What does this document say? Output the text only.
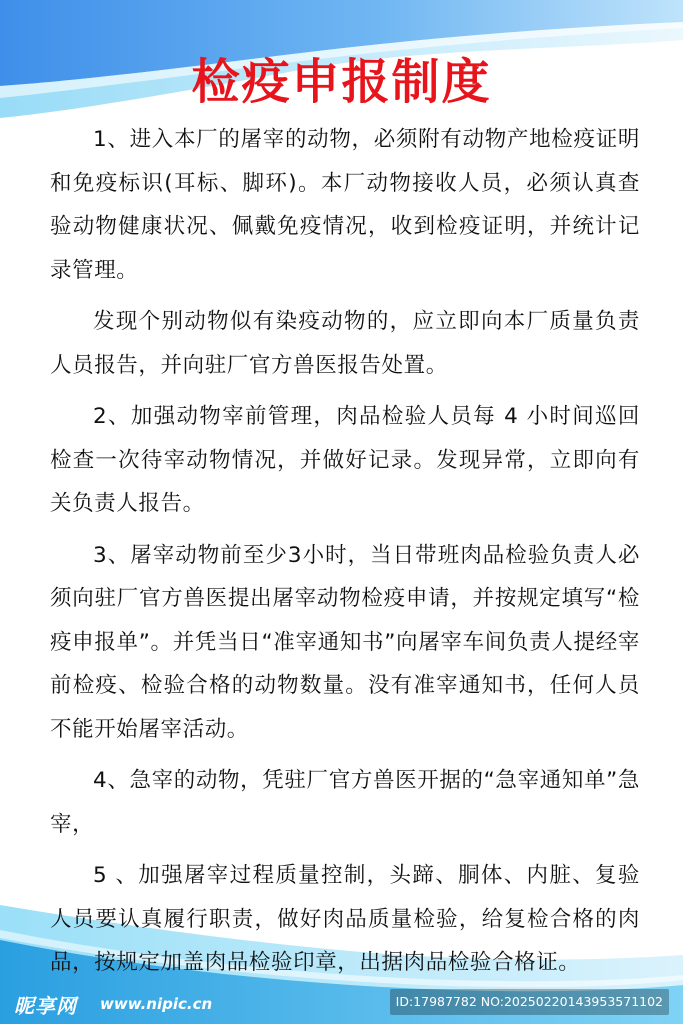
检疫申报制度

1、进入本厂的屠宰的动物，必须附有动物产地检疫证明和免疫标识(耳标、脚环)。本厂动物接收人员，必须认真查验动物健康状况、佩戴免疫情况，收到检疫证明，并统计记录管理。

发现个别动物似有染疫动物的，应立即向本厂质量负责人员报告，并向驻厂官方兽医报告处置。

2、加强动物宰前管理，肉品检验人员每 4 小时间巡回检查一次待宰动物情况，并做好记录。发现异常，立即向有关负责人报告。

3、屠宰动物前至少3小时，当日带班肉品检验负责人必须向驻厂官方兽医提出屠宰动物检疫申请，并按规定填写“检疫申报单”。并凭当日“准宰通知书”向屠宰车间负责人提经宰前检疫、检验合格的动物数量。没有准宰通知书，任何人员不能开始屠宰活动。

4、急宰的动物，凭驻厂官方兽医开据的“急宰通知单”急宰，

5 、加强屠宰过程质量控制，头蹄、胴体、内脏、复验人员要认真履行职责，做好肉品质量检验，给复检合格的肉品，按规定加盖肉品检验印章，出据肉品检验合格证。

昵享网 www.nipic.cn	ID:17987782 NO:20250220143953571102
